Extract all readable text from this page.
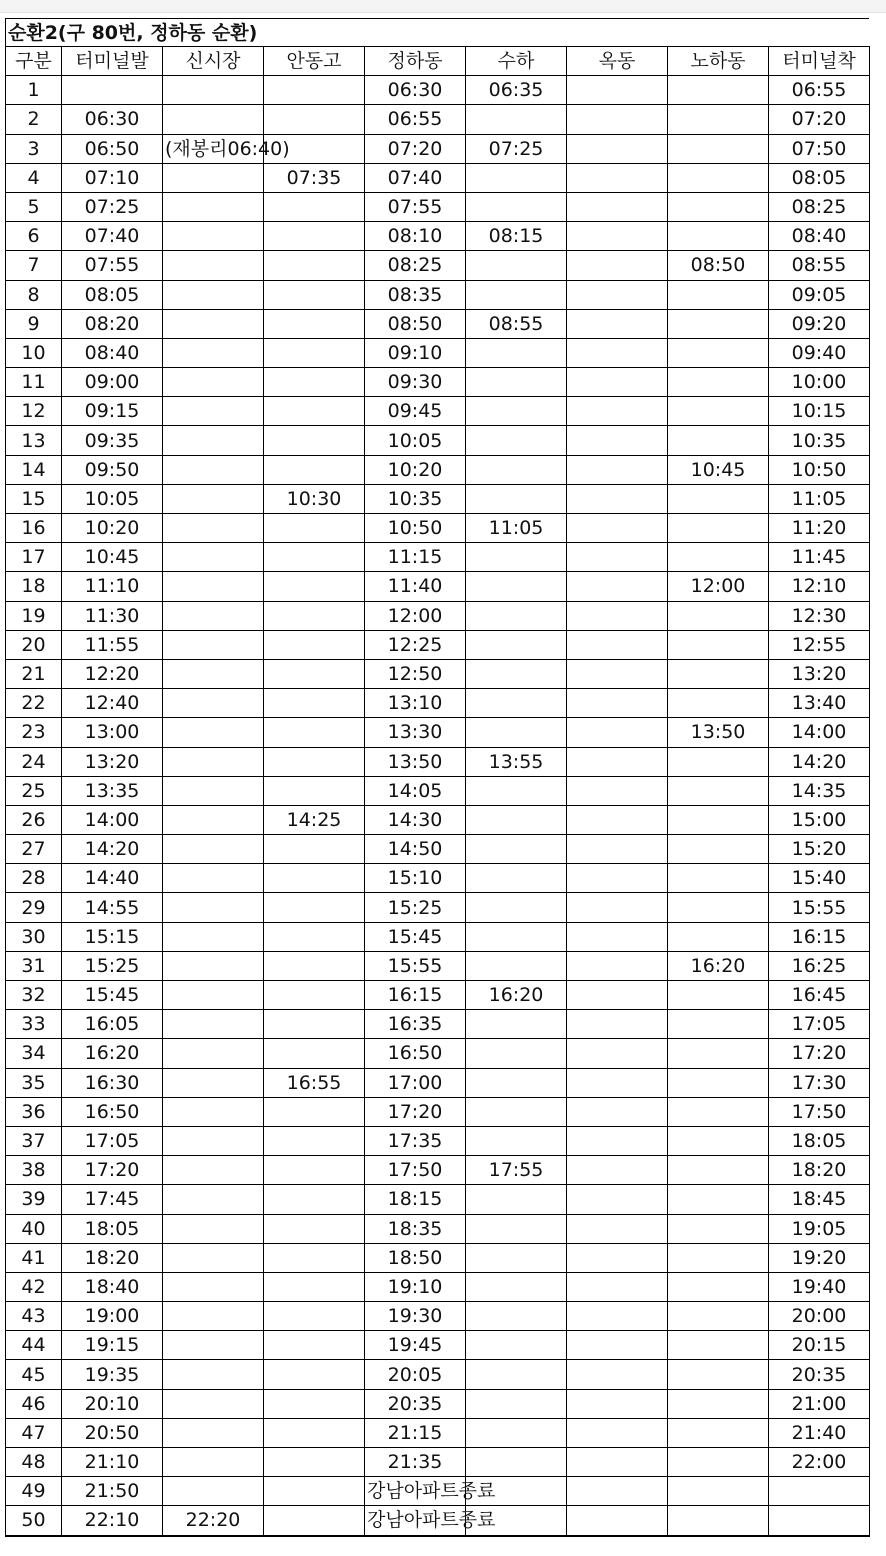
순환2(구 80번, 정하동 순환)
구분	터미널발	신시장	안동고	정하동	수하	옥동	노하동	터미널착
1				06:30	06:35			06:55
2	06:30			06:55				07:20
3	06:50	(재봉리06:40)		07:20	07:25			07:50
4	07:10		07:35	07:40				08:05
5	07:25			07:55				08:25
6	07:40			08:10	08:15			08:40
7	07:55			08:25			08:50	08:55
8	08:05			08:35				09:05
9	08:20			08:50	08:55			09:20
10	08:40			09:10				09:40
11	09:00			09:30				10:00
12	09:15			09:45				10:15
13	09:35			10:05				10:35
14	09:50			10:20			10:45	10:50
15	10:05		10:30	10:35				11:05
16	10:20			10:50	11:05			11:20
17	10:45			11:15				11:45
18	11:10			11:40			12:00	12:10
19	11:30			12:00				12:30
20	11:55			12:25				12:55
21	12:20			12:50				13:20
22	12:40			13:10				13:40
23	13:00			13:30			13:50	14:00
24	13:20			13:50	13:55			14:20
25	13:35			14:05				14:35
26	14:00		14:25	14:30				15:00
27	14:20			14:50				15:20
28	14:40			15:10				15:40
29	14:55			15:25				15:55
30	15:15			15:45				16:15
31	15:25			15:55			16:20	16:25
32	15:45			16:15	16:20			16:45
33	16:05			16:35				17:05
34	16:20			16:50				17:20
35	16:30		16:55	17:00				17:30
36	16:50			17:20				17:50
37	17:05			17:35				18:05
38	17:20			17:50	17:55			18:20
39	17:45			18:15				18:45
40	18:05			18:35				19:05
41	18:20			18:50				19:20
42	18:40			19:10				19:40
43	19:00			19:30				20:00
44	19:15			19:45				20:15
45	19:35			20:05				20:35
46	20:10			20:35				21:00
47	20:50			21:15				21:40
48	21:10			21:35				22:00
49	21:50			강남아파트종료				

50	22:10	22:20		강남아파트종료				
